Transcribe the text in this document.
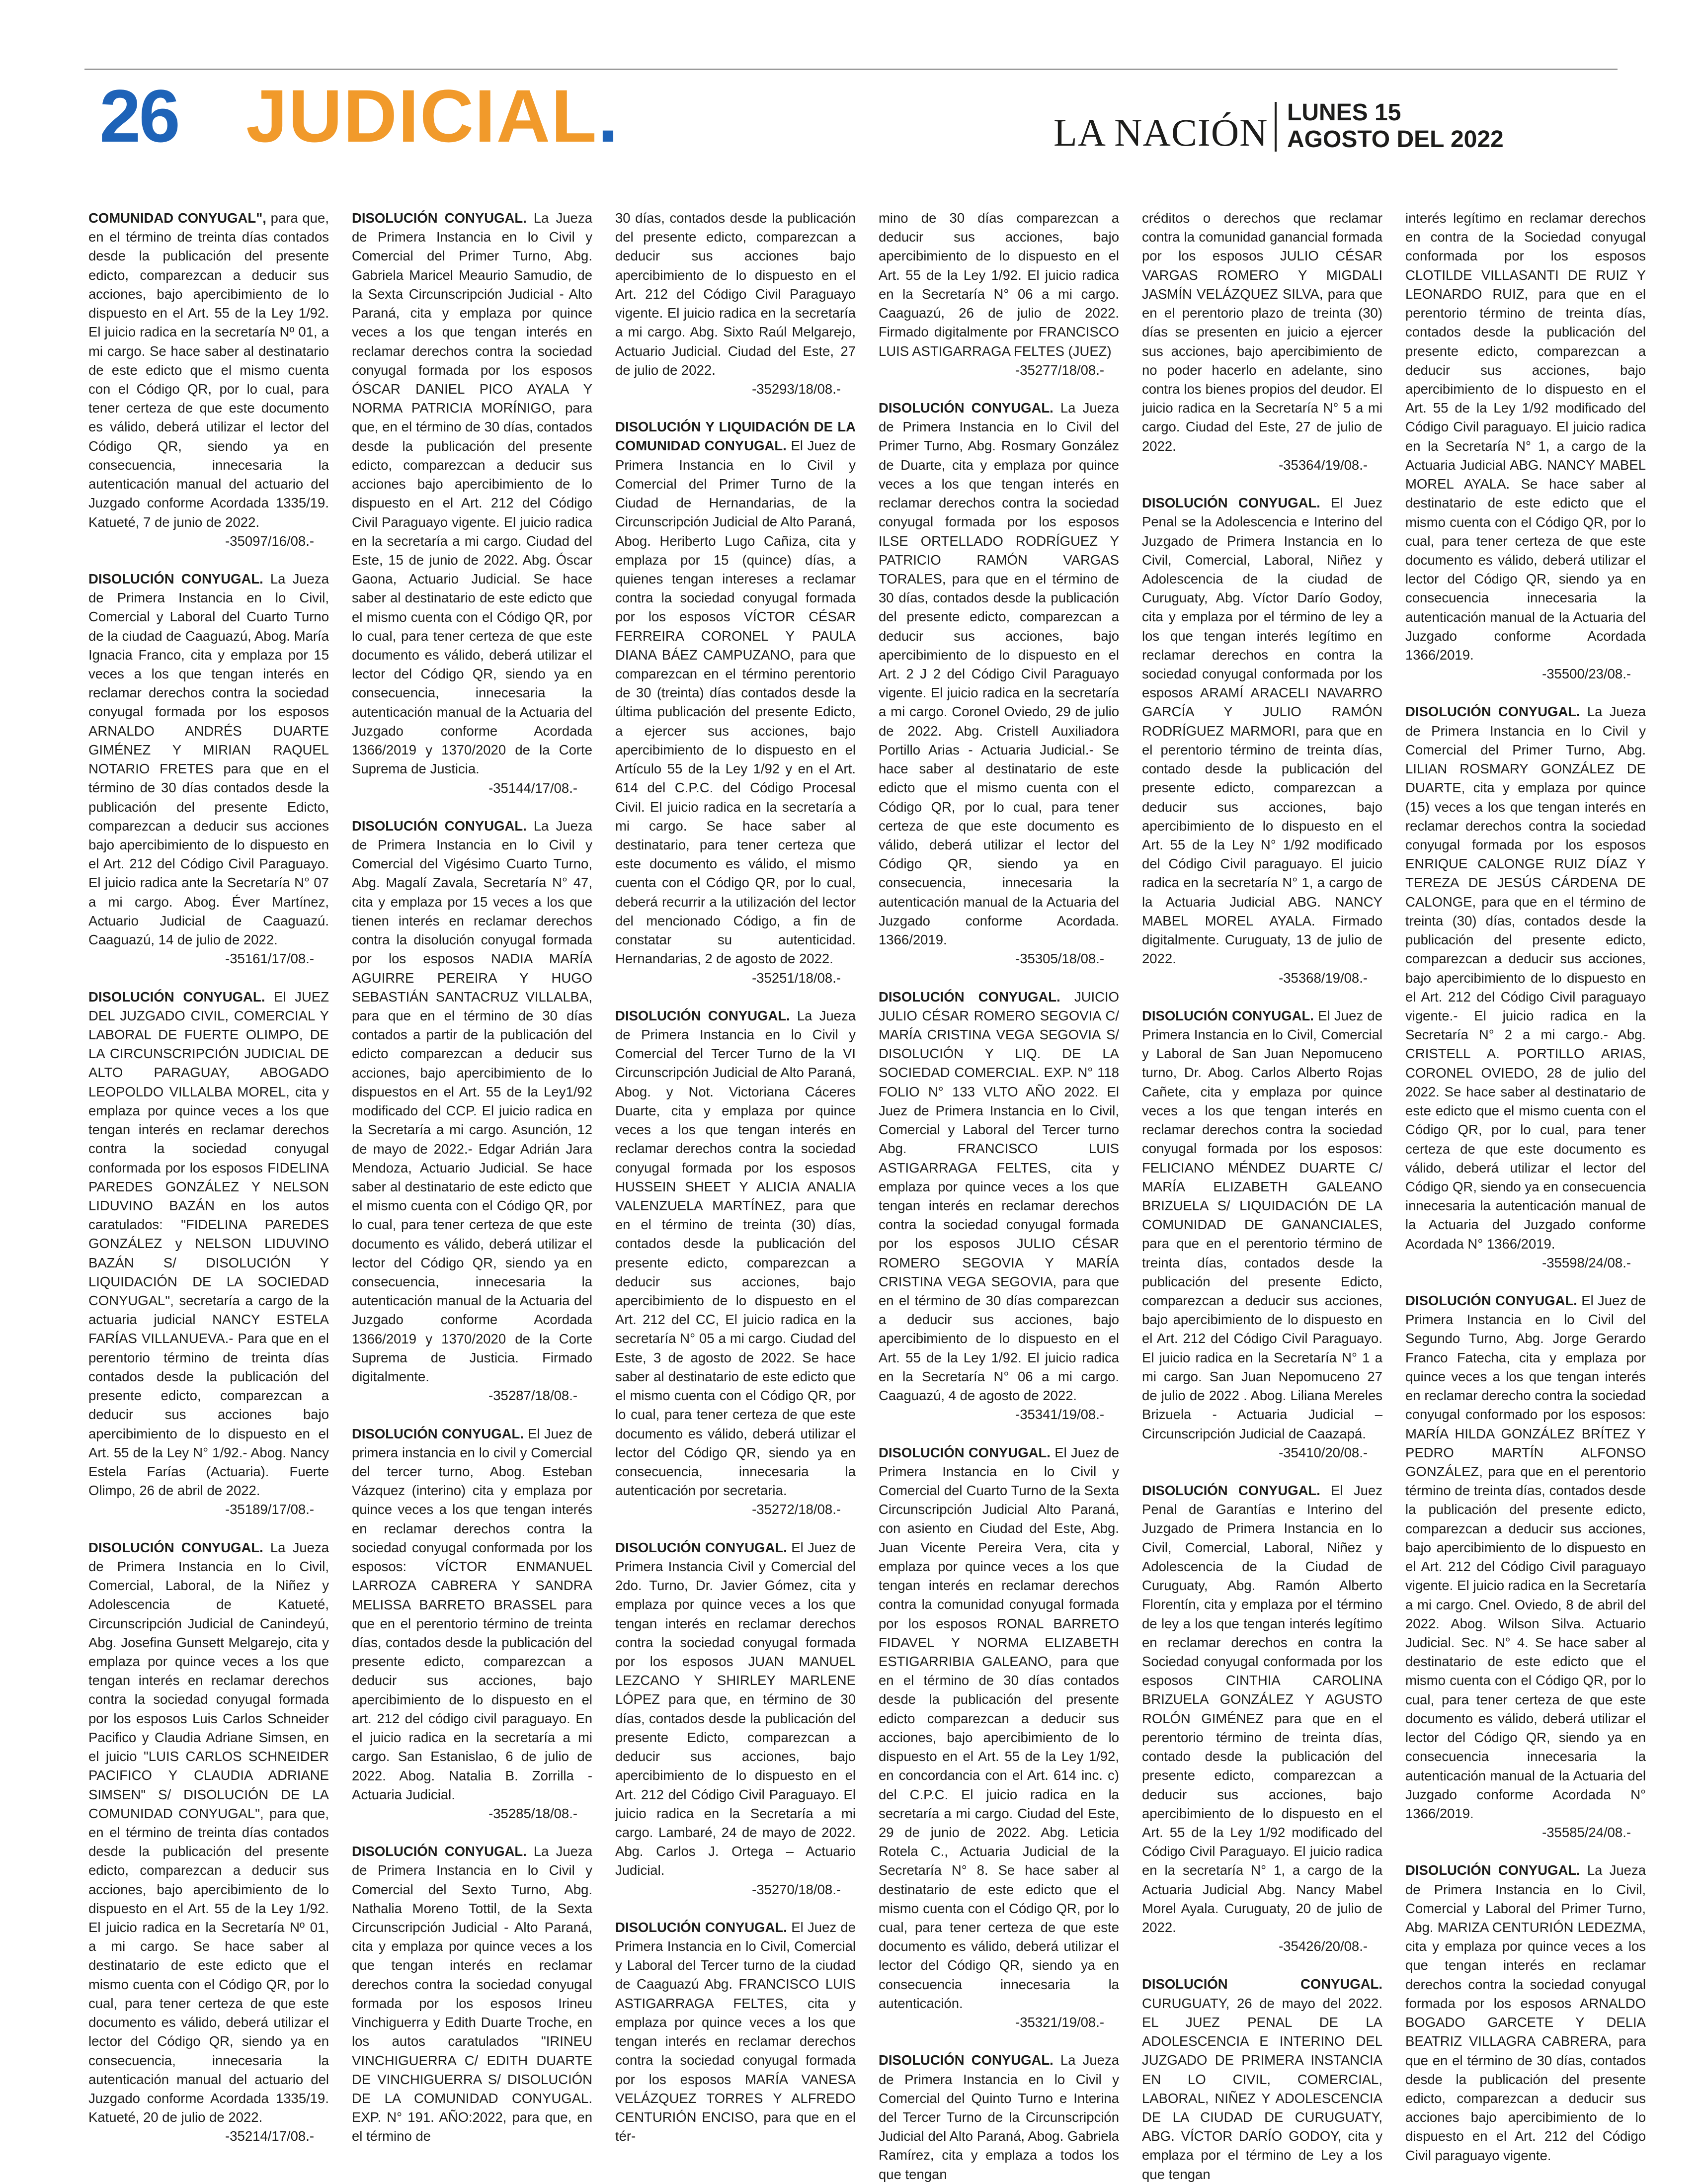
26 JUDICIAL.	LA NACIÓN LUNES 15
AGOSTO DEL 2022

COMUNIDAD CONYUGAL", para que, en el término de treinta días contados desde la publicación del presente edicto, comparezcan a deducir sus acciones, bajo apercibimiento de lo dispuesto en el Art. 55 de la Ley 1/92. El juicio radica en la secretaría Nº 01, a mi cargo. Se hace saber al destinatario de este edicto que el mismo cuenta con el Código QR, por lo cual, para tener certeza de que este documento es válido, deberá utilizar el lector del Código QR, siendo ya en consecuencia, innecesaria la autenticación manual del actuario del Juzgado conforme Acordada 1335/19. Katueté, 7 de junio de 2022.
-35097/16/08.-

DISOLUCIÓN CONYUGAL. La Jueza de Primera Instancia en lo Civil, Comercial y Laboral del Cuarto Turno de la ciudad de Caaguazú, Abog. María Ignacia Franco, cita y emplaza por 15 veces a los que tengan interés en reclamar derechos contra la sociedad conyugal formada por los esposos ARNALDO ANDRÉS DUARTE GIMÉNEZ Y MIRIAN RAQUEL NOTARIO FRETES para que en el término de 30 días contados desde la publicación del presente Edicto, comparezcan a deducir sus acciones bajo apercibimiento de lo dispuesto en el Art. 212 del Código Civil Paraguayo. El juicio radica ante la Secretaría N° 07 a mi cargo. Abog. Éver Martínez, Actuario Judicial de Caaguazú. Caaguazú, 14 de julio de 2022.
-35161/17/08.-

DISOLUCIÓN CONYUGAL. El JUEZ DEL JUZGADO CIVIL, COMERCIAL Y LABORAL DE FUERTE OLIMPO, DE LA CIRCUNSCRIPCIÓN JUDICIAL DE ALTO PARAGUAY, ABOGADO LEOPOLDO VILLALBA MOREL, cita y emplaza por quince veces a los que tengan interés en reclamar derechos contra la sociedad conyugal conformada por los esposos FIDELINA PAREDES GONZÁLEZ Y NELSON LIDUVINO BAZÁN en los autos caratulados: "FIDELINA PAREDES GONZÁLEZ y NELSON LIDUVINO BAZÁN S/ DISOLUCIÓN Y LIQUIDACIÓN DE LA SOCIEDAD CONYUGAL", secretaría a cargo de la actuaria judicial NANCY ESTELA FARÍAS VILLANUEVA.- Para que en el perentorio término de treinta días contados desde la publicación del presente edicto, comparezcan a deducir sus acciones bajo apercibimiento de lo dispuesto en el Art. 55 de la Ley N° 1/92.- Abog. Nancy Estela Farías (Actuaria). Fuerte Olimpo, 26 de abril de 2022.
-35189/17/08.-

DISOLUCIÓN CONYUGAL. La Jueza de Primera Instancia en lo Civil, Comercial, Laboral, de la Niñez y Adolescencia de Katueté, Circunscripción Judicial de Canindeyú, Abg. Josefina Gunsett Melgarejo, cita y emplaza por quince veces a los que tengan interés en reclamar derechos contra la sociedad conyugal formada por los esposos Luis Carlos Schneider Pacifico y Claudia Adriane Simsen, en el juicio "LUIS CARLOS SCHNEIDER PACIFICO Y CLAUDIA ADRIANE SIMSEN" S/ DISOLUCIÓN DE LA COMUNIDAD CONYUGAL", para que, en el término de treinta días contados desde la publicación del presente edicto, comparezcan a deducir sus acciones, bajo apercibimiento de lo dispuesto en el Art. 55 de la Ley 1/92. El juicio radica en la Secretaría Nº 01, a mi cargo. Se hace saber al destinatario de este edicto que el mismo cuenta con el Código QR, por lo cual, para tener certeza de que este documento es válido, deberá utilizar el lector del Código QR, siendo ya en consecuencia, innecesaria la autenticación manual del actuario del Juzgado conforme Acordada 1335/19. Katueté, 20 de julio de 2022.
-35214/17/08.-

DISOLUCIÓN CONYUGAL. La Jueza de Primera Instancia en lo Civil y Comercial del Primer Turno, Abg. Gabriela Maricel Meaurio Samudio, de la Sexta Circunscripción Judicial - Alto Paraná, cita y emplaza por quince veces a los que tengan interés en reclamar derechos contra la sociedad conyugal formada por los esposos ÓSCAR DANIEL PICO AYALA Y NORMA PATRICIA MORÍNIGO, para que, en el término de 30 días, contados desde la publicación del presente edicto, comparezcan a deducir sus acciones bajo apercibimiento de lo dispuesto en el Art. 212 del Código Civil Paraguayo vigente. El juicio radica en la secretaría a mi cargo. Ciudad del Este, 15 de junio de 2022. Abg. Óscar Gaona, Actuario Judicial. Se hace saber al destinatario de este edicto que el mismo cuenta con el Código QR, por lo cual, para tener certeza de que este documento es válido, deberá utilizar el lector del Código QR, siendo ya en consecuencia, innecesaria la autenticación manual de la Actuaria del Juzgado conforme Acordada 1366/2019 y 1370/2020 de la Corte Suprema de Justicia.
-35144/17/08.-

DISOLUCIÓN CONYUGAL. La Jueza de Primera Instancia en lo Civil y Comercial del Vigésimo Cuarto Turno, Abg. Magalí Zavala, Secretaría N° 47, cita y emplaza por 15 veces a los que tienen interés en reclamar derechos contra la disolución conyugal formada por los esposos NADIA MARÍA AGUIRRE PEREIRA Y HUGO SEBASTIÁN SANTACRUZ VILLALBA, para que en el término de 30 días contados a partir de la publicación del edicto comparezcan a deducir sus acciones, bajo apercibimiento de lo dispuestos en el Art. 55 de la Ley1/92 modificado del CCP. El juicio radica en la Secretaría a mi cargo. Asunción, 12 de mayo de 2022.- Edgar Adrián Jara Mendoza, Actuario Judicial. Se hace saber al destinatario de este edicto que el mismo cuenta con el Código QR, por lo cual, para tener certeza de que este documento es válido, deberá utilizar el lector del Código QR, siendo ya en consecuencia, innecesaria la autenticación manual de la Actuaria del Juzgado conforme Acordada 1366/2019 y 1370/2020 de la Corte Suprema de Justicia. Firmado digitalmente.
-35287/18/08.-

DISOLUCIÓN CONYUGAL. El Juez de primera instancia en lo civil y Comercial del tercer turno, Abog. Esteban Vázquez (interino) cita y emplaza por quince veces a los que tengan interés en reclamar derechos contra la sociedad conyugal conformada por los esposos: VÍCTOR ENMANUEL LARROZA CABRERA Y SANDRA MELISSA BARRETO BRASSEL para que en el perentorio término de treinta días, contados desde la publicación del presente edicto, comparezcan a deducir sus acciones, bajo apercibimiento de lo dispuesto en el art. 212 del código civil paraguayo. En el juicio radica en la secretaría a mi cargo. San Estanislao, 6 de julio de 2022. Abog. Natalia B. Zorrilla - Actuaria Judicial.
-35285/18/08.-

DISOLUCIÓN CONYUGAL. La Jueza de Primera Instancia en lo Civil y Comercial del Sexto Turno, Abg. Nathalia Moreno Tottil, de la Sexta Circunscripción Judicial - Alto Paraná, cita y emplaza por quince veces a los que tengan interés en reclamar derechos contra la sociedad conyugal formada por los esposos Irineu Vinchiguerra y Edith Duarte Troche, en los autos caratulados "IRINEU VINCHIGUERRA C/ EDITH DUARTE DE VINCHIGUERRA S/ DISOLUCIÓN DE LA COMUNIDAD CONYUGAL. EXP. N° 191. AÑO:2022, para que, en el término de

30 días, contados desde la publicación del presente edicto, comparezcan a deducir sus acciones bajo apercibimiento de lo dispuesto en el Art. 212 del Código Civil Paraguayo vigente. El juicio radica en la secretaría a mi cargo. Abg. Sixto Raúl Melgarejo, Actuario Judicial. Ciudad del Este, 27 de julio de 2022.
-35293/18/08.-

DISOLUCIÓN Y LIQUIDACIÓN DE LA COMUNIDAD CONYUGAL. El Juez de Primera Instancia en lo Civil y Comercial del Primer Turno de la Ciudad de Hernandarias, de la Circunscripción Judicial de Alto Paraná, Abog. Heriberto Lugo Cañiza, cita y emplaza por 15 (quince) días, a quienes tengan intereses a reclamar contra la sociedad conyugal formada por los esposos VÍCTOR CÉSAR FERREIRA CORONEL Y PAULA DIANA BÁEZ CAMPUZANO, para que comparezcan en el término perentorio de 30 (treinta) días contados desde la última publicación del presente Edicto, a ejercer sus acciones, bajo apercibimiento de lo dispuesto en el Artículo 55 de la Ley 1/92 y en el Art. 614 del C.P.C. del Código Procesal Civil. El juicio radica en la secretaría a mi cargo. Se hace saber al destinatario, para tener certeza que este documento es válido, el mismo cuenta con el Código QR, por lo cual, deberá recurrir a la utilización del lector del mencionado Código, a fin de constatar su autenticidad. Hernandarias, 2 de agosto de 2022.
-35251/18/08.-

DISOLUCIÓN CONYUGAL. La Jueza de Primera Instancia en lo Civil y Comercial del Tercer Turno de la VI Circunscripción Judicial de Alto Paraná, Abog. y Not. Victoriana Cáceres Duarte, cita y emplaza por quince veces a los que tengan interés en reclamar derechos contra la sociedad conyugal formada por los esposos HUSSEIN SHEET Y ALICIA ANALIA VALENZUELA MARTÍNEZ, para que en el término de treinta (30) días, contados desde la publicación del presente edicto, comparezcan a deducir sus acciones, bajo apercibimiento de lo dispuesto en el Art. 212 del CC, El juicio radica en la secretaría N° 05 a mi cargo. Ciudad del Este, 3 de agosto de 2022. Se hace saber al destinatario de este edicto que el mismo cuenta con el Código QR, por lo cual, para tener certeza de que este documento es válido, deberá utilizar el lector del Código QR, siendo ya en consecuencia, innecesaria la autenticación por secretaria.
-35272/18/08.-

DISOLUCIÓN CONYUGAL. El Juez de Primera Instancia Civil y Comercial del 2do. Turno, Dr. Javier Gómez, cita y emplaza por quince veces a los que tengan interés en reclamar derechos contra la sociedad conyugal formada por los esposos JUAN MANUEL LEZCANO Y SHIRLEY MARLENE LÓPEZ para que, en término de 30 días, contados desde la publicación del presente Edicto, comparezcan a deducir sus acciones, bajo apercibimiento de lo dispuesto en el Art. 212 del Código Civil Paraguayo. El juicio radica en la Secretaría a mi cargo. Lambaré, 24 de mayo de 2022. Abg. Carlos J. Ortega – Actuario Judicial.
-35270/18/08.-

DISOLUCIÓN CONYUGAL. El Juez de Primera Instancia en lo Civil, Comercial y Laboral del Tercer turno de la ciudad de Caaguazú Abg. FRANCISCO LUIS ASTIGARRAGA FELTES, cita y emplaza por quince veces a los que tengan interés en reclamar derechos contra la sociedad conyugal formada por los esposos MARÍA VANESA VELÁZQUEZ TORRES Y ALFREDO CENTURIÓN ENCISO, para que en el tér-

mino de 30 días comparezcan a deducir sus acciones, bajo apercibimiento de lo dispuesto en el Art. 55 de la Ley 1/92. El juicio radica en la Secretaría N° 06 a mi cargo. Caaguazú, 26 de julio de 2022. Firmado digitalmente por FRANCISCO LUIS ASTIGARRAGA FELTES (JUEZ)
-35277/18/08.-

DISOLUCIÓN CONYUGAL. La Jueza de Primera Instancia en lo Civil del Primer Turno, Abg. Rosmary González de Duarte, cita y emplaza por quince veces a los que tengan interés en reclamar derechos contra la sociedad conyugal formada por los esposos ILSE ORTELLADO RODRÍGUEZ Y PATRICIO RAMÓN VARGAS TORALES, para que en el término de 30 días, contados desde la publicación del presente edicto, comparezcan a deducir sus acciones, bajo apercibimiento de lo dispuesto en el Art. 2 J 2 del Código Civil Paraguayo vigente. El juicio radica en la secretaría a mi cargo. Coronel Oviedo, 29 de julio de 2022. Abg. Cristell Auxiliadora Portillo Arias - Actuaria Judicial.- Se hace saber al destinatario de este edicto que el mismo cuenta con el Código QR, por lo cual, para tener certeza de que este documento es válido, deberá utilizar el lector del Código QR, siendo ya en consecuencia, innecesaria la autenticación manual de la Actuaria del Juzgado conforme Acordada. 1366/2019.
-35305/18/08.-

DISOLUCIÓN CONYUGAL. JUICIO JULIO CÉSAR ROMERO SEGOVIA C/ MARÍA CRISTINA VEGA SEGOVIA S/ DISOLUCIÓN Y LIQ. DE LA SOCIEDAD COMERCIAL. EXP. N° 118 FOLIO N° 133 VLTO AÑO 2022. El Juez de Primera Instancia en lo Civil, Comercial y Laboral del Tercer turno Abg. FRANCISCO LUIS ASTIGARRAGA FELTES, cita y emplaza por quince veces a los que tengan interés en reclamar derechos contra la sociedad conyugal formada por los esposos JULIO CÉSAR ROMERO SEGOVIA Y MARÍA CRISTINA VEGA SEGOVIA, para que en el término de 30 días comparezcan a deducir sus acciones, bajo apercibimiento de lo dispuesto en el Art. 55 de la Ley 1/92. El juicio radica en la Secretaría N° 06 a mi cargo. Caaguazú, 4 de agosto de 2022.
-35341/19/08.-

DISOLUCIÓN CONYUGAL. El Juez de Primera Instancia en lo Civil y Comercial del Cuarto Turno de la Sexta Circunscripción Judicial Alto Paraná, con asiento en Ciudad del Este, Abg. Juan Vicente Pereira Vera, cita y emplaza por quince veces a los que tengan interés en reclamar derechos contra la comunidad conyugal formada por los esposos RONAL BARRETO FIDAVEL Y NORMA ELIZABETH ESTIGARRIBIA GALEANO, para que en el término de 30 días contados desde la publicación del presente edicto comparezcan a deducir sus acciones, bajo apercibimiento de lo dispuesto en el Art. 55 de la Ley 1/92, en concordancia con el Art. 614 inc. c) del C.P.C. El juicio radica en la secretaría a mi cargo. Ciudad del Este, 29 de junio de 2022. Abg. Leticia Rotela C., Actuaria Judicial de la Secretaría N° 8. Se hace saber al destinatario de este edicto que el mismo cuenta con el Código QR, por lo cual, para tener certeza de que este documento es válido, deberá utilizar el lector del Código QR, siendo ya en consecuencia innecesaria la autenticación.
-35321/19/08.-

DISOLUCIÓN CONYUGAL. La Jueza de Primera Instancia en lo Civil y Comercial del Quinto Turno e Interina del Tercer Turno de la Circunscripción Judicial del Alto Paraná, Abog. Gabriela Ramírez, cita y emplaza a todos los que tengan

créditos o derechos que reclamar contra la comunidad ganancial formada por los esposos JULIO CÉSAR VARGAS ROMERO Y MIGDALI JASMÍN VELÁZQUEZ SILVA, para que en el perentorio plazo de treinta (30) días se presenten en juicio a ejercer sus acciones, bajo apercibimiento de no poder hacerlo en adelante, sino contra los bienes propios del deudor. El juicio radica en la Secretaría N° 5 a mi cargo. Ciudad del Este, 27 de julio de 2022.
-35364/19/08.-

DISOLUCIÓN CONYUGAL. El Juez Penal se la Adolescencia e Interino del Juzgado de Primera Instancia en lo Civil, Comercial, Laboral, Niñez y Adolescencia de la ciudad de Curuguaty, Abg. Víctor Darío Godoy, cita y emplaza por el término de ley a los que tengan interés legítimo en reclamar derechos en contra la sociedad conyugal conformada por los esposos ARAMÍ ARACELI NAVARRO GARCÍA Y JULIO RAMÓN RODRÍGUEZ MARMORI, para que en el perentorio término de treinta días, contado desde la publicación del presente edicto, comparezcan a deducir sus acciones, bajo apercibimiento de lo dispuesto en el Art. 55 de la Ley N° 1/92 modificado del Código Civil paraguayo. El juicio radica en la secretaría N° 1, a cargo de la Actuaria Judicial ABG. NANCY MABEL MOREL AYALA. Firmado digitalmente. Curuguaty, 13 de julio de 2022.
-35368/19/08.-

DISOLUCIÓN CONYUGAL. El Juez de Primera Instancia en lo Civil, Comercial y Laboral de San Juan Nepomuceno turno, Dr. Abog. Carlos Alberto Rojas Cañete, cita y emplaza por quince veces a los que tengan interés en reclamar derechos contra la sociedad conyugal formada por los esposos: FELICIANO MÉNDEZ DUARTE C/ MARÍA ELIZABETH GALEANO BRIZUELA S/ LIQUIDACIÓN DE LA COMUNIDAD DE GANANCIALES, para que en el perentorio término de treinta días, contados desde la publicación del presente Edicto, comparezcan a deducir sus acciones, bajo apercibimiento de lo dispuesto en el Art. 212 del Código Civil Paraguayo. El juicio radica en la Secretaría N° 1 a mi cargo. San Juan Nepomuceno 27 de julio de 2022 . Abog. Liliana Mereles Brizuela - Actuaria Judicial – Circunscripción Judicial de Caazapá.
-35410/20/08.-

DISOLUCIÓN CONYUGAL. El Juez Penal de Garantías e Interino del Juzgado de Primera Instancia en lo Civil, Comercial, Laboral, Niñez y Adolescencia de la Ciudad de Curuguaty, Abg. Ramón Alberto Florentín, cita y emplaza por el término de ley a los que tengan interés legítimo en reclamar derechos en contra la Sociedad conyugal conformada por los esposos CINTHIA CAROLINA BRIZUELA GONZÁLEZ Y AGUSTO ROLÓN GIMÉNEZ para que en el perentorio término de treinta días, contado desde la publicación del presente edicto, comparezcan a deducir sus acciones, bajo apercibimiento de lo dispuesto en el Art. 55 de la Ley 1/92 modificado del Código Civil Paraguayo. El juicio radica en la secretaría N° 1, a cargo de la Actuaria Judicial Abg. Nancy Mabel Morel Ayala. Curuguaty, 20 de julio de 2022.
-35426/20/08.-

DISOLUCIÓN CONYUGAL. CURUGUATY, 26 de mayo del 2022. EL JUEZ PENAL DE LA ADOLESCENCIA E INTERINO DEL JUZGADO DE PRIMERA INSTANCIA EN LO CIVIL, COMERCIAL, LABORAL, NIÑEZ Y ADOLESCENCIA DE LA CIUDAD DE CURUGUATY, ABG. VÍCTOR DARÍO GODOY, cita y emplaza por el término de Ley a los que tengan

interés legítimo en reclamar derechos en contra de la Sociedad conyugal conformada por los esposos CLOTILDE VILLASANTI DE RUIZ Y LEONARDO RUIZ, para que en el perentorio término de treinta días, contados desde la publicación del presente edicto, comparezcan a deducir sus acciones, bajo apercibimiento de lo dispuesto en el Art. 55 de la Ley 1/92 modificado del Código Civil paraguayo. El juicio radica en la Secretaría N° 1, a cargo de la Actuaria Judicial ABG. NANCY MABEL MOREL AYALA. Se hace saber al destinatario de este edicto que el mismo cuenta con el Código QR, por lo cual, para tener certeza de que este documento es válido, deberá utilizar el lector del Código QR, siendo ya en consecuencia innecesaria la autenticación manual de la Actuaria del Juzgado conforme Acordada 1366/2019.
-35500/23/08.-

DISOLUCIÓN CONYUGAL. La Jueza de Primera Instancia en lo Civil y Comercial del Primer Turno, Abg. LILIAN ROSMARY GONZÁLEZ DE DUARTE, cita y emplaza por quince (15) veces a los que tengan interés en reclamar derechos contra la sociedad conyugal formada por los esposos ENRIQUE CALONGE RUIZ DÍAZ Y TEREZA DE JESÚS CÁRDENA DE CALONGE, para que en el término de treinta (30) días, contados desde la publicación del presente edicto, comparezcan a deducir sus acciones, bajo apercibimiento de lo dispuesto en el Art. 212 del Código Civil paraguayo vigente.- El juicio radica en la Secretaría N° 2 a mi cargo.- Abg. CRISTELL A. PORTILLO ARIAS, CORONEL OVIEDO, 28 de julio del 2022. Se hace saber al destinatario de este edicto que el mismo cuenta con el Código QR, por lo cual, para tener certeza de que este documento es válido, deberá utilizar el lector del Código QR, siendo ya en consecuencia innecesaria la autenticación manual de la Actuaria del Juzgado conforme Acordada N° 1366/2019.
-35598/24/08.-

DISOLUCIÓN CONYUGAL. El Juez de Primera Instancia en lo Civil del Segundo Turno, Abg. Jorge Gerardo Franco Fatecha, cita y emplaza por quince veces a los que tengan interés en reclamar derecho contra la sociedad conyugal conformado por los esposos: MARÍA HILDA GONZÁLEZ BRÍTEZ Y PEDRO MARTÍN ALFONSO GONZÁLEZ, para que en el perentorio término de treinta días, contados desde la publicación del presente edicto, comparezcan a deducir sus acciones, bajo apercibimiento de lo dispuesto en el Art. 212 del Código Civil paraguayo vigente. El juicio radica en la Secretaría a mi cargo. Cnel. Oviedo, 8 de abril del 2022. Abog. Wilson Silva. Actuario Judicial. Sec. N° 4. Se hace saber al destinatario de este edicto que el mismo cuenta con el Código QR, por lo cual, para tener certeza de que este documento es válido, deberá utilizar el lector del Código QR, siendo ya en consecuencia innecesaria la autenticación manual de la Actuaria del Juzgado conforme Acordada N° 1366/2019.
-35585/24/08.-

DISOLUCIÓN CONYUGAL. La Jueza de Primera Instancia en lo Civil, Comercial y Laboral del Primer Turno, Abg. MARIZA CENTURIÓN LEDEZMA, cita y emplaza por quince veces a los que tengan interés en reclamar derechos contra la sociedad conyugal formada por los esposos ARNALDO BOGADO GARCETE Y DELIA BEATRIZ VILLAGRA CABRERA, para que en el término de 30 días, contados desde la publicación del presente edicto, comparezcan a deducir sus acciones bajo apercibimiento de lo dispuesto en el Art. 212 del Código Civil paraguayo vigente.
